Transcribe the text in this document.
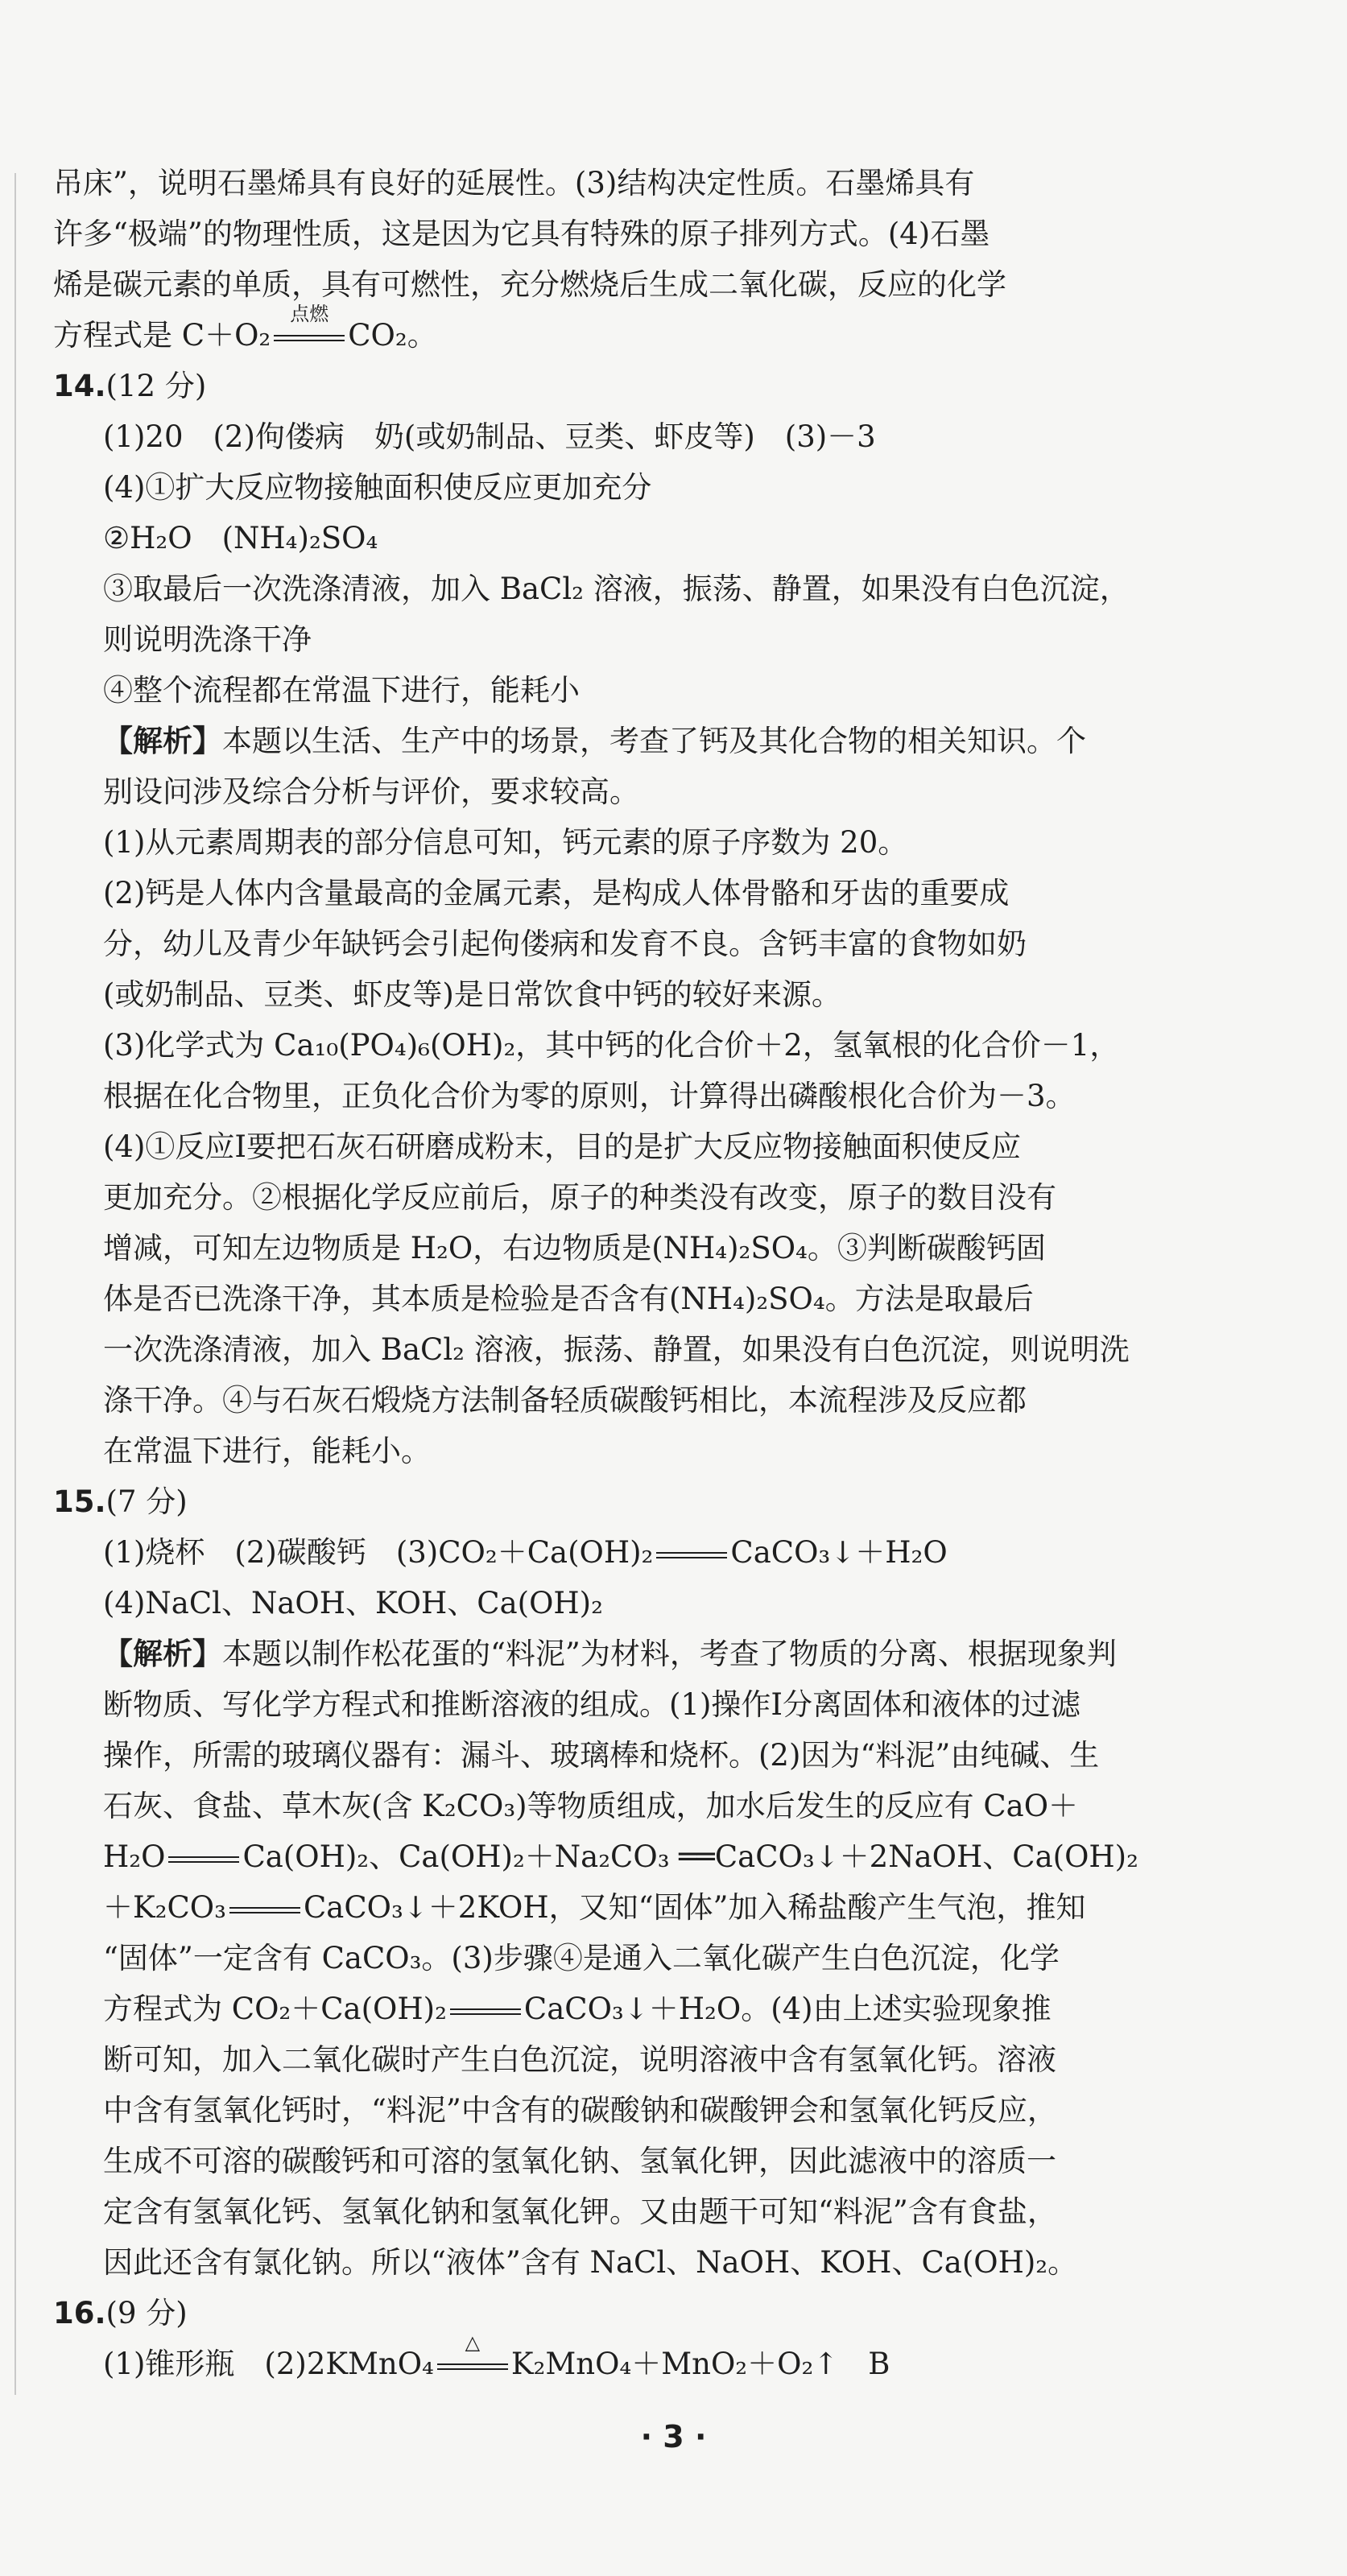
吊床”，说明石墨烯具有良好的延展性。(3)结构决定性质。石墨烯具有
许多“极端”的物理性质，这是因为它具有特殊的原子排列方式。(4)石墨
烯是碳元素的单质，具有可燃性，充分燃烧后生成二氧化碳，反应的化学
方程式是 C＋O₂
点燃
CO₂。
14.(12 分)
(1)20　(2)佝偻病　奶(或奶制品、豆类、虾皮等)　(3)－3
(4)①扩大反应物接触面积使反应更加充分
②H₂O　(NH₄)₂SO₄
③取最后一次洗涤清液，加入 BaCl₂ 溶液，振荡、静置，如果没有白色沉淀，
则说明洗涤干净
④整个流程都在常温下进行，能耗小
【解析】本题以生活、生产中的场景，考查了钙及其化合物的相关知识。个
别设问涉及综合分析与评价，要求较高。
(1)从元素周期表的部分信息可知，钙元素的原子序数为 20。
(2)钙是人体内含量最高的金属元素，是构成人体骨骼和牙齿的重要成
分，幼儿及青少年缺钙会引起佝偻病和发育不良。含钙丰富的食物如奶
(或奶制品、豆类、虾皮等)是日常饮食中钙的较好来源。
(3)化学式为 Ca₁₀(PO₄)₆(OH)₂，其中钙的化合价＋2，氢氧根的化合价－1，
根据在化合物里，正负化合价为零的原则，计算得出磷酸根化合价为－3。
(4)①反应Ⅰ要把石灰石研磨成粉末，目的是扩大反应物接触面积使反应
更加充分。②根据化学反应前后，原子的种类没有改变，原子的数目没有
增减，可知左边物质是 H₂O，右边物质是(NH₄)₂SO₄。③判断碳酸钙固
体是否已洗涤干净，其本质是检验是否含有(NH₄)₂SO₄。方法是取最后
一次洗涤清液，加入 BaCl₂ 溶液，振荡、静置，如果没有白色沉淀，则说明洗
涤干净。④与石灰石煅烧方法制备轻质碳酸钙相比，本流程涉及反应都
在常温下进行，能耗小。
15.(7 分)
(1)烧杯　(2)碳酸钙　(3)CO₂＋Ca(OH)₂	CaCO₃↓＋H₂O
(4)NaCl、NaOH、KOH、Ca(OH)₂
【解析】本题以制作松花蛋的“料泥”为材料，考查了物质的分离、根据现象判
断物质、写化学方程式和推断溶液的组成。(1)操作Ⅰ分离固体和液体的过滤
操作，所需的玻璃仪器有：漏斗、玻璃棒和烧杯。(2)因为“料泥”由纯碱、生
石灰、食盐、草木灰(含 K₂CO₃)等物质组成，加水后发生的反应有 CaO＋
H₂O	Ca(OH)₂、Ca(OH)₂＋Na₂CO₃ ══CaCO₃↓＋2NaOH、Ca(OH)₂
＋K₂CO₃	CaCO₃↓＋2KOH，又知“固体”加入稀盐酸产生气泡，推知
“固体”一定含有 CaCO₃。(3)步骤④是通入二氧化碳产生白色沉淀，化学
方程式为 CO₂＋Ca(OH)₂	CaCO₃↓＋H₂O。(4)由上述实验现象推
断可知，加入二氧化碳时产生白色沉淀，说明溶液中含有氢氧化钙。溶液
中含有氢氧化钙时，“料泥”中含有的碳酸钠和碳酸钾会和氢氧化钙反应，
生成不可溶的碳酸钙和可溶的氢氧化钠、氢氧化钾，因此滤液中的溶质一
定含有氢氧化钙、氢氧化钠和氢氧化钾。又由题干可知“料泥”含有食盐，
因此还含有氯化钠。所以“液体”含有 NaCl、NaOH、KOH、Ca(OH)₂。
16.(9 分)
(1)锥形瓶　(2)2KMnO₄
△
K₂MnO₄＋MnO₂＋O₂↑　B
· 3 ·
